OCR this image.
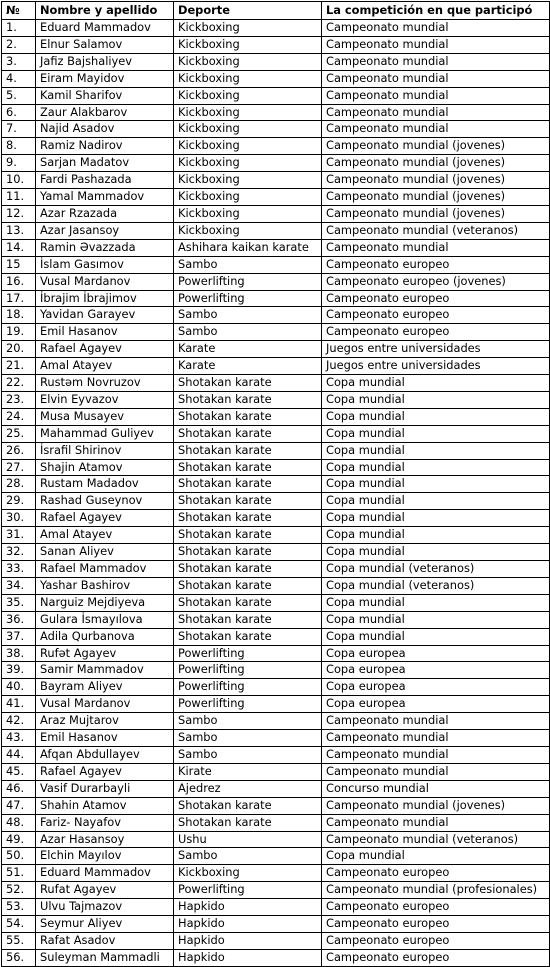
№	Nombre y apellido	Deporte	La competición en que participó
1.	Eduard Mammadov	Kickboxing	Campeonato mundial
2.	Elnur Salamov	Kickboxing	Campeonato mundial
3.	Jafiz Bajshaliyev	Kickboxing	Campeonato mundial
4.	Eiram Mayidov	Kickboxing	Campeonato mundial
5.	Kamil Sharifov	Kickboxing	Campeonato mundial
6.	Zaur Alakbarov	Kickboxing	Campeonato mundial
7.	Najid Asadov	Kickboxing	Campeonato mundial
8.	Ramiz Nadirov	Kickboxing	Campeonato mundial (jovenes)
9.	Sarjan Madatov	Kickboxing	Campeonato mundial (jovenes)
10.	Fardi Pashazada	Kickboxing	Campeonato mundial (jovenes)
11.	Yamal Mammadov	Kickboxing	Campeonato mundial (jovenes)
12.	Azar Rzazada	Kickboxing	Campeonato mundial (jovenes)
13.	Azar Jasansoy	Kickboxing	Campeonato mundial (veteranos)
14.	Ramin Əvazzada	Ashihara kaikan karate	Campeonato mundial
15	İslam Gasımov	Sambo	Campeonato europeo
16.	Vusal Mardanov	Powerlifting	Campeonato europeo (jovenes)
17.	İbrajim İbrajimov	Powerlifting	Campeonato europeo
18.	Yavidan Garayev	Sambo	Campeonato europeo
19.	Emil Hasanov	Sambo	Campeonato europeo
20.	Rafael Agayev	Karate	Juegos entre universidades
21.	Amal Atayev	Karate	Juegos entre universidades
22.	Rustəm Novruzov	Shotakan karate	Copa mundial
23.	Elvin Eyvazov	Shotakan karate	Copa mundial
24.	Musa Musayev	Shotakan karate	Copa mundial
25.	Mahammad Guliyev	Shotakan karate	Copa mundial
26.	İsrafil Shirinov	Shotakan karate	Copa mundial
27.	Shajin Atamov	Shotakan karate	Copa mundial
28.	Rustam Madadov	Shotakan karate	Copa mundial
29.	Rashad Guseynov	Shotakan karate	Copa mundial
30.	Rafael Agayev	Shotakan karate	Copa mundial
31.	Amal Atayev	Shotakan karate	Copa mundial
32.	Sanan Aliyev	Shotakan karate	Copa mundial
33.	Rafael Mammadov	Shotakan karate	Copa mundial (veteranos)
34.	Yashar Bashirov	Shotakan karate	Copa mundial (veteranos)
35.	Narguiz Mejdiyeva	Shotakan karate	Copa mundial
36.	Gulara İsmayılova	Shotakan karate	Copa mundial
37.	Adila Qurbanova	Shotakan karate	Copa mundial
38.	Rufət Agayev	Powerlifting	Copa europea
39.	Samir Mammadov	Powerlifting	Copa europea
40.	Bayram Aliyev	Powerlifting	Copa europea
41.	Vusal Mardanov	Powerlifting	Copa europea
42.	Araz Mujtarov	Sambo	Campeonato mundial
43.	Emil Hasanov	Sambo	Campeonato mundial
44.	Afqan Abdullayev	Sambo	Campeonato mundial
45.	Rafael Agayev	Kirate	Campeonato mundial
46.	Vasif Durarbayli	Ajedrez	Concurso mundial
47.	Shahin Atamov	Shotakan karate	Campeonato mundial (jovenes)
48.	Fariz- Nayafov	Shotakan karate	Campeonato mundial
49.	Azar Hasansoy	Ushu	Campeonato mundial (veteranos)
50.	Elchin Mayılov	Sambo	Copa mundial
51.	Eduard Mammadov	Kickboxing	Campeonato europeo
52.	Rufat Agayev	Powerlifting	Campeonato mundial (profesionales)
53.	Ulvu Tajmazov	Hapkido	Campeonato europeo
54.	Seymur Aliyev	Hapkido	Campeonato europeo
55.	Rafat Asadov	Hapkido	Campeonato europeo
56.	Suleyman Mammadli	Hapkido	Campeonato europeo
